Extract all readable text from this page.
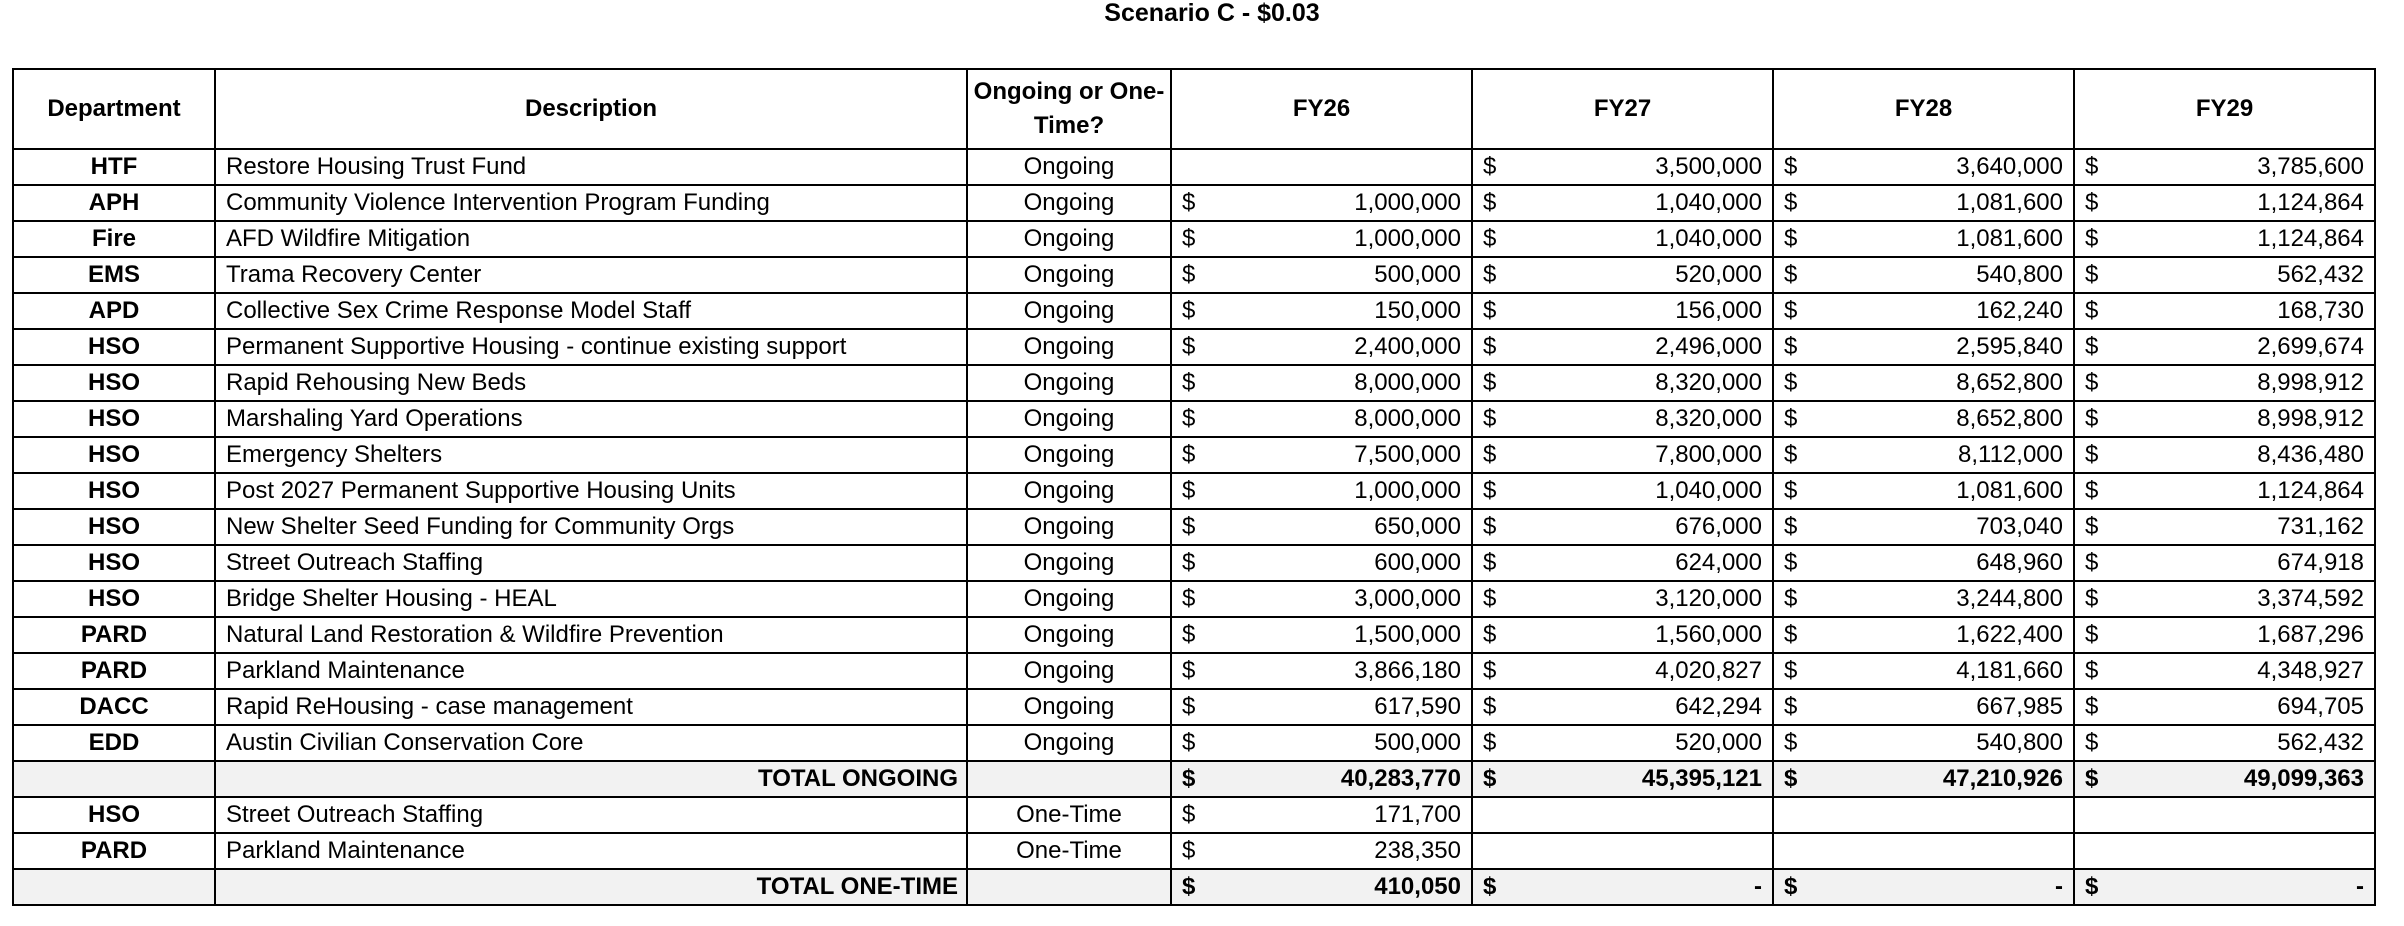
Scenario C - $0.03
Department	Description	Ongoing or One-Time?	FY26	FY27	FY28	FY29
HTF	Restore Housing Trust Fund	Ongoing		$ 3,500,000	$ 3,640,000	$ 3,785,600

APH	Community Violence Intervention Program Funding	Ongoing	$ 1,000,000	$ 1,040,000	$ 1,081,600	$ 1,124,864

Fire	AFD Wildfire Mitigation	Ongoing	$ 1,000,000	$ 1,040,000	$ 1,081,600	$ 1,124,864

EMS	Trama Recovery Center	Ongoing	$ 500,000	$ 520,000	$ 540,800	$ 562,432

APD	Collective Sex Crime Response Model Staff	Ongoing	$ 150,000	$ 156,000	$ 162,240	$ 168,730

HSO	Permanent Supportive Housing - continue existing support	Ongoing	$ 2,400,000	$ 2,496,000	$ 2,595,840	$ 2,699,674

HSO	Rapid Rehousing New Beds	Ongoing	$ 8,000,000	$ 8,320,000	$ 8,652,800	$ 8,998,912

HSO	Marshaling Yard Operations	Ongoing	$ 8,000,000	$ 8,320,000	$ 8,652,800	$ 8,998,912

HSO	Emergency Shelters	Ongoing	$ 7,500,000	$ 7,800,000	$ 8,112,000	$ 8,436,480

HSO	Post 2027 Permanent Supportive Housing Units	Ongoing	$ 1,000,000	$ 1,040,000	$ 1,081,600	$ 1,124,864

HSO	New Shelter Seed Funding for Community Orgs	Ongoing	$ 650,000	$ 676,000	$ 703,040	$ 731,162

HSO	Street Outreach Staffing	Ongoing	$ 600,000	$ 624,000	$ 648,960	$ 674,918

HSO	Bridge Shelter Housing - HEAL	Ongoing	$ 3,000,000	$ 3,120,000	$ 3,244,800	$ 3,374,592

PARD	Natural Land Restoration & Wildfire Prevention	Ongoing	$ 1,500,000	$ 1,560,000	$ 1,622,400	$ 1,687,296

PARD	Parkland Maintenance	Ongoing	$ 3,866,180	$ 4,020,827	$ 4,181,660	$ 4,348,927

DACC	Rapid ReHousing - case management	Ongoing	$ 617,590	$ 642,294	$ 667,985	$ 694,705

EDD	Austin Civilian Conservation Core	Ongoing	$ 500,000	$ 520,000	$ 540,800	$ 562,432

	TOTAL ONGOING		$ 40,283,770	$ 45,395,121	$ 47,210,926	$ 49,099,363

HSO	Street Outreach Staffing	One-Time	$ 171,700			

PARD	Parkland Maintenance	One-Time	$ 238,350			

	TOTAL ONE-TIME		$ 410,050	$ -	$ -	$ -
